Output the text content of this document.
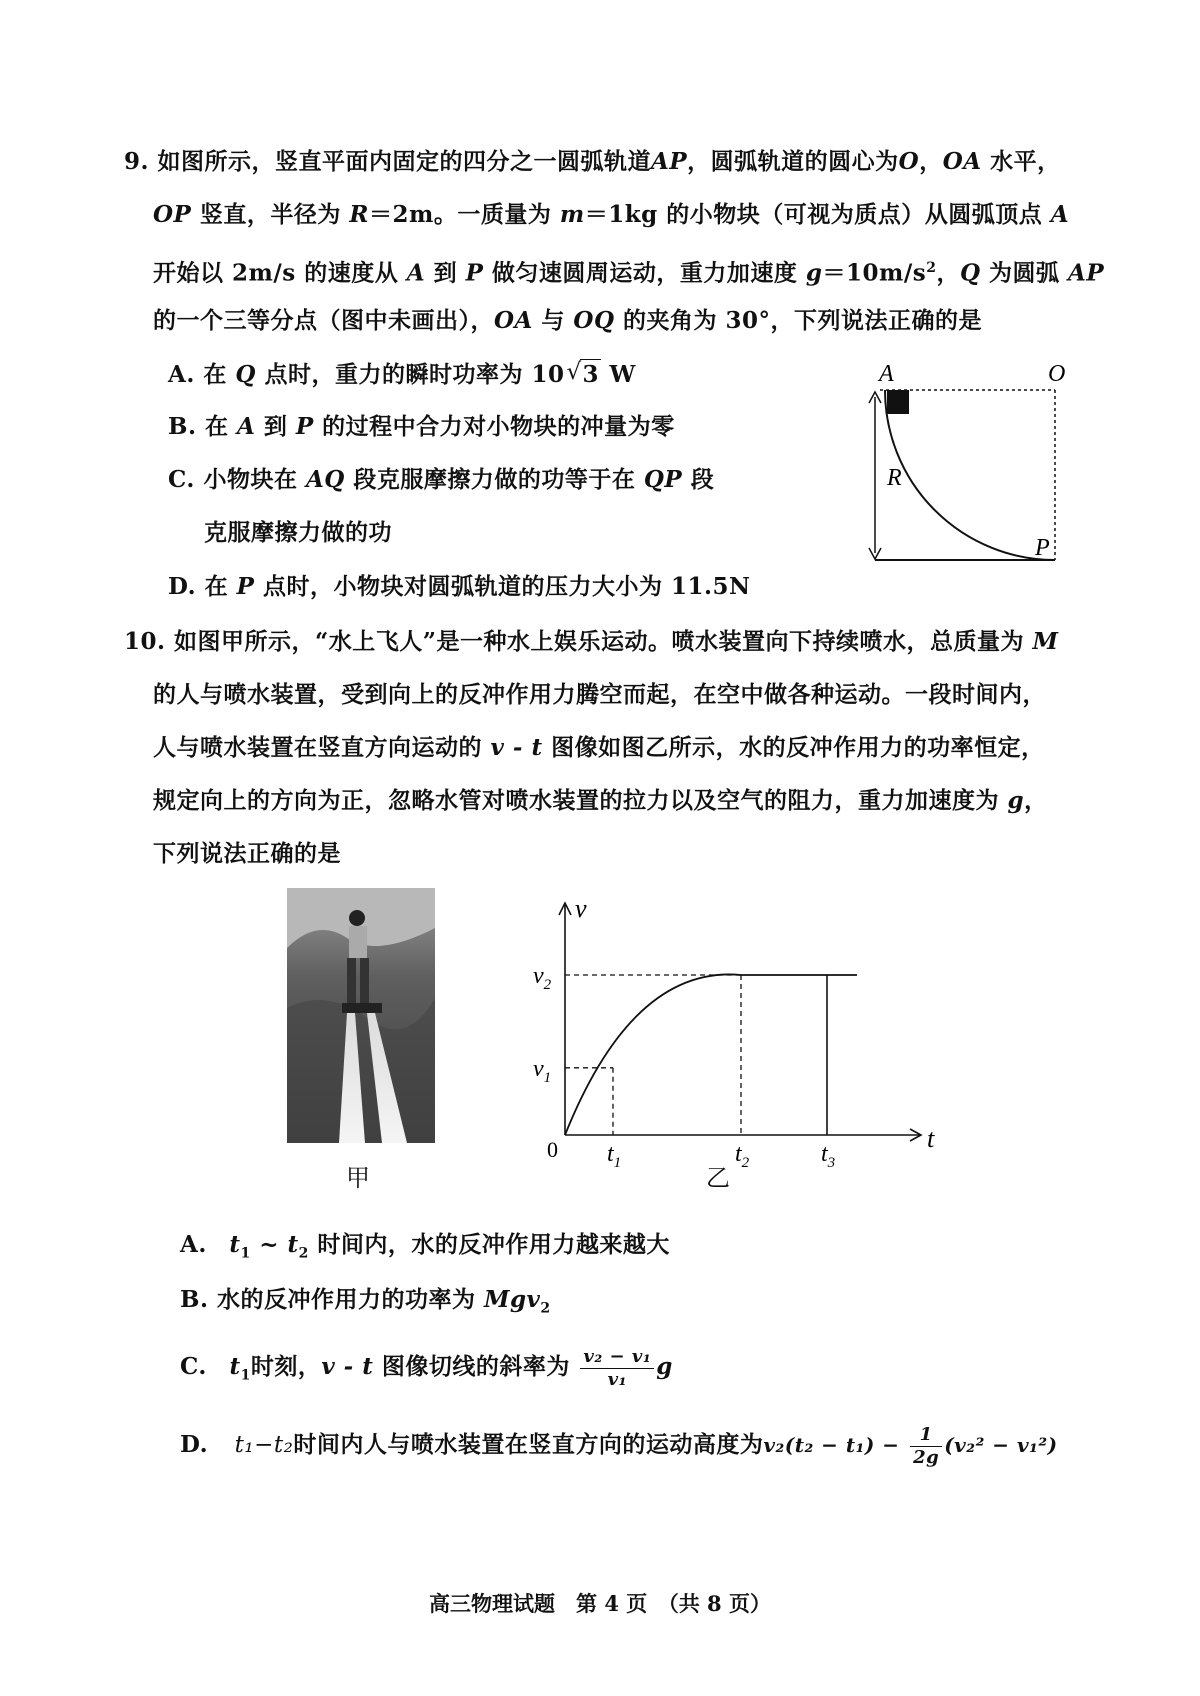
9. 如图所示，竖直平面内固定的四分之一圆弧轨道AP，圆弧轨道的圆心为O，OA 水平，
OP 竖直，半径为 R＝2m。一质量为 m＝1kg 的小物块（可视为质点）从圆弧顶点 A
开始以 2m/s 的速度从 A 到 P 做匀速圆周运动，重力加速度 $g=10m/s^2$，Q 为圆弧 AP
的一个三等分点（图中未画出），OA 与 OQ 的夹角为 30°，下列说法正确的是
A. 在 Q 点时，重力的瞬时功率为 10√ 3 W
B. 在 A 到 P 的过程中合力对小物块的冲量为零
C. 小物块在 AQ 段克服摩擦力做的功等于在 QP 段
克服摩擦力做的功
D. 在 P 点时，小物块对圆弧轨道的压力大小为 11.5N
A	O
R
P
10. 如图甲所示，“水上飞人”是一种水上娱乐运动。喷水装置向下持续喷水，总质量为 M
的人与喷水装置，受到向上的反冲作用力腾空而起，在空中做各种运动。一段时间内，
人与喷水装置在竖直方向运动的 v - t 图像如图乙所示，水的反冲作用力的功率恒定，
规定向上的方向为正，忽略水管对喷水装置的拉力以及空气的阻力，重力加速度为 g，
下列说法正确的是
甲
v
t
0
$v_2$
$v_1$
$t_1$	$t_2$	$t_3$
乙
A. $t_1$ ~ $t_2$ 时间内，水的反冲作用力越来越大
B. 水的反冲作用力的功率为 Mgv$_2$
C. $t_1$时刻，v - t 图像切线的斜率为 $\frac{\text{v₂ − v₁}}{\text{v₁}}$ g
D. t₁−t₂时间内人与喷水装置在竖直方向的运动高度为$v_2(t_2 - t_1) - \frac{1}{2g} (v_2^2 - v_1^2)$
高三物理试题　第 4 页　（共 8 页）
